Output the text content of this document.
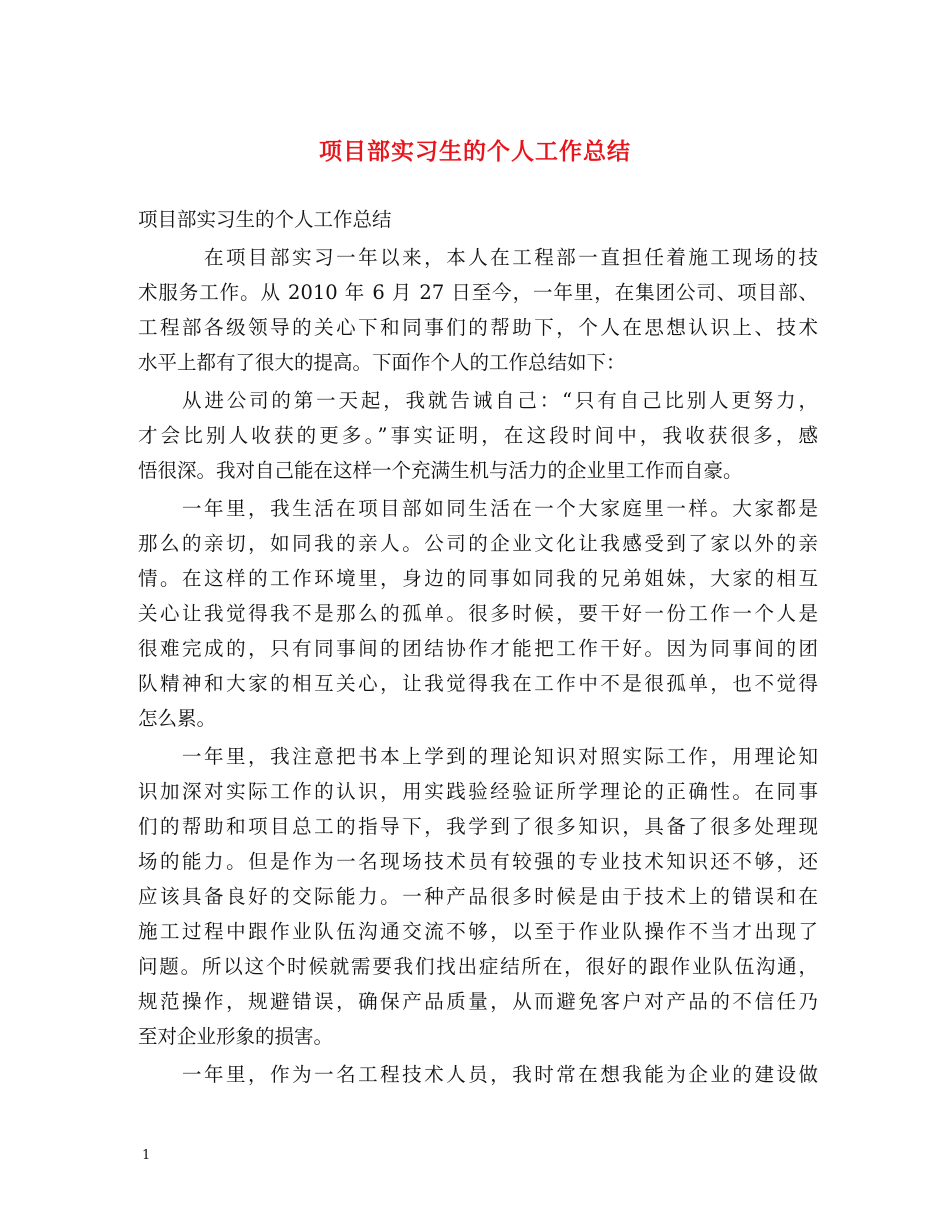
项目部实习生的个人工作总结
项目部实习生的个人工作总结
在项目部实习一年以来，本人在工程部一直担任着施工现场的技
术服务工作。从 2010 年 6 月 27 日至今，一年里，在集团公司、项目部、
工程部各级领导的关心下和同事们的帮助下，个人在思想认识上、技术
水平上都有了很大的提高。下面作个人的工作总结如下：
从进公司的第一天起，我就告诫自己：“只有自己比别人更努力，
才会比别人收获的更多。”事实证明，在这段时间中，我收获很多，感
悟很深。我对自己能在这样一个充满生机与活力的企业里工作而自豪。
一年里，我生活在项目部如同生活在一个大家庭里一样。大家都是
那么的亲切，如同我的亲人。公司的企业文化让我感受到了家以外的亲
情。在这样的工作环境里，身边的同事如同我的兄弟姐妹，大家的相互
关心让我觉得我不是那么的孤单。很多时候，要干好一份工作一个人是
很难完成的，只有同事间的团结协作才能把工作干好。因为同事间的团
队精神和大家的相互关心，让我觉得我在工作中不是很孤单，也不觉得
怎么累。
一年里，我注意把书本上学到的理论知识对照实际工作，用理论知
识加深对实际工作的认识，用实践验经验证所学理论的正确性。在同事
们的帮助和项目总工的指导下，我学到了很多知识，具备了很多处理现
场的能力。但是作为一名现场技术员有较强的专业技术知识还不够，还
应该具备良好的交际能力。一种产品很多时候是由于技术上的错误和在
施工过程中跟作业队伍沟通交流不够，以至于作业队操作不当才出现了
问题。所以这个时候就需要我们找出症结所在，很好的跟作业队伍沟通，
规范操作，规避错误，确保产品质量，从而避免客户对产品的不信任乃
至对企业形象的损害。
一年里，作为一名工程技术人员，我时常在想我能为企业的建设做
1
